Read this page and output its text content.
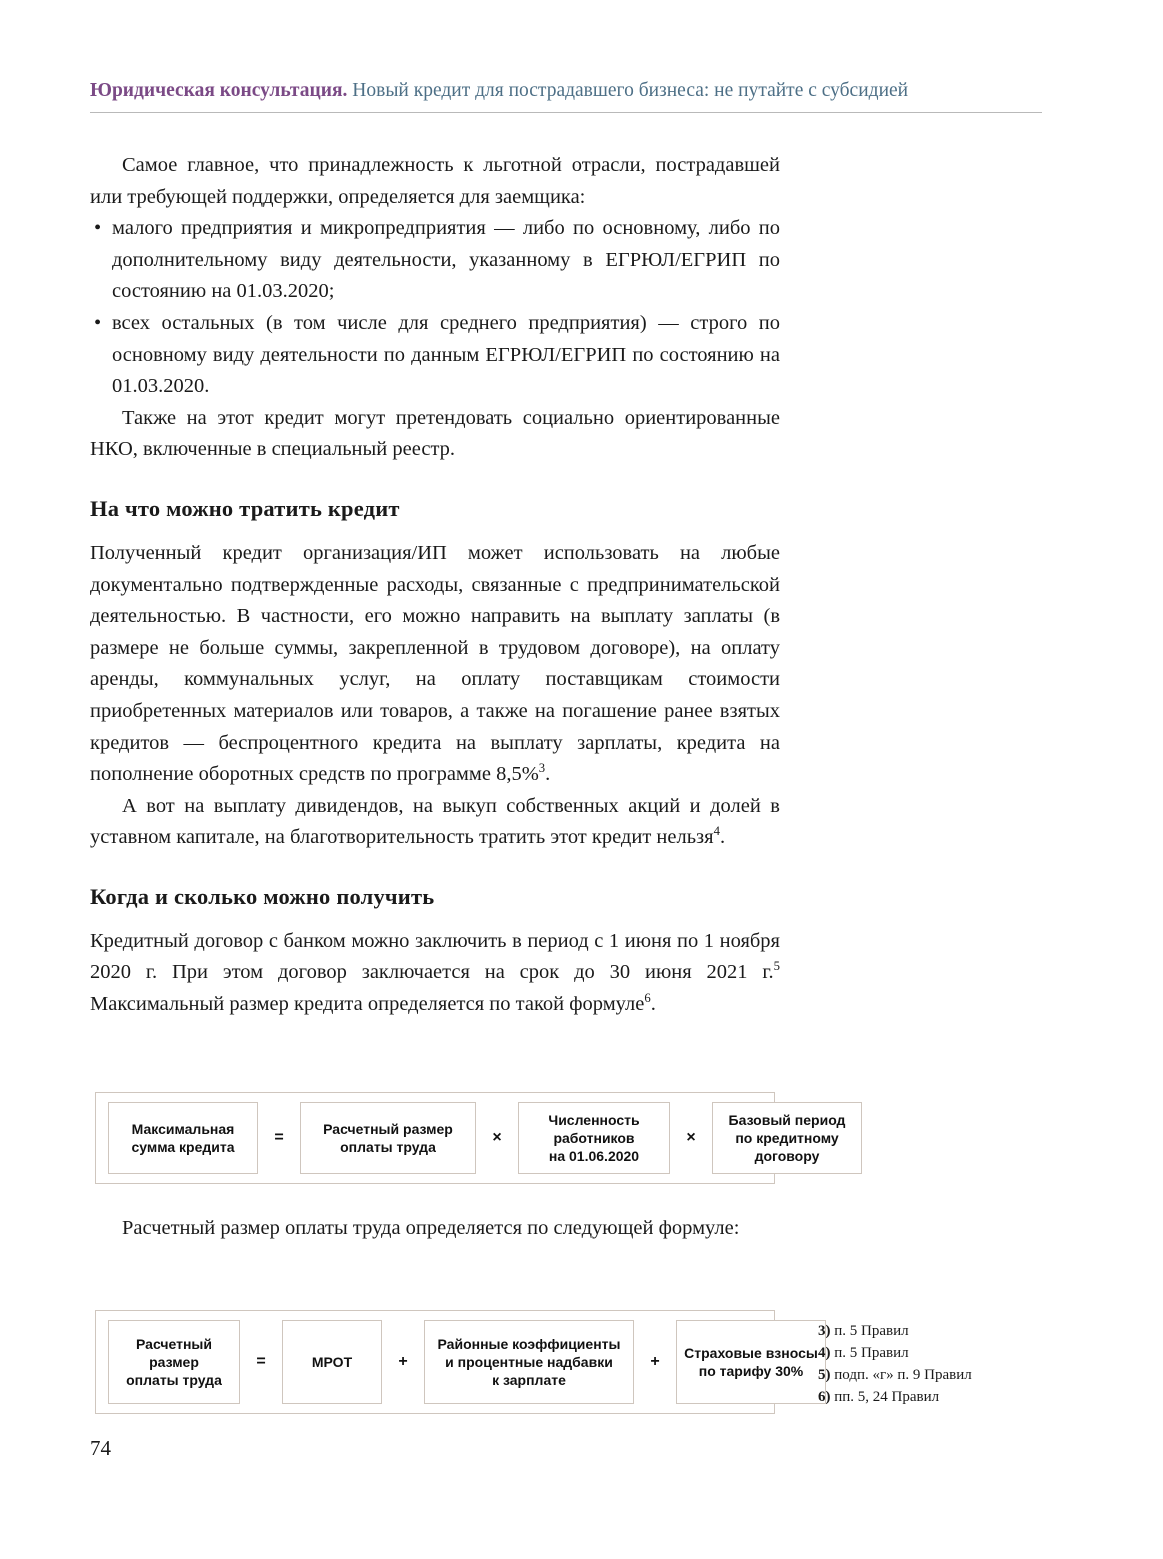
Юридическая консультация. Новый кредит для пострадавшего бизнеса: не путайте с субсидией

Самое главное, что принадлежность к льготной отрасли, пострадавшей или требующей поддержки, определяется для заемщика:

• малого предприятия и микропредприятия — либо по основному, либо по дополнительному виду деятельности, указанному в ЕГРЮЛ/ЕГРИП по состоянию на 01.03.2020;
• всех остальных (в том числе для среднего предприятия) — строго по основному виду деятельности по данным ЕГРЮЛ/ЕГРИП по состоянию на 01.03.2020.

Также на этот кредит могут претендовать социально ориентированные НКО, включенные в специальный реестр.

На что можно тратить кредит

Полученный кредит организация/ИП может использовать на любые документально подтвержденные расходы, связанные с предпринимательской деятельностью. В частности, его можно направить на выплату заплаты (в размере не больше суммы, закрепленной в трудовом договоре), на оплату аренды, коммунальных услуг, на оплату поставщикам стоимости приобретенных материалов или товаров, а также на погашение ранее взятых кредитов — беспроцентного кредита на выплату зарплаты, кредита на пополнение оборотных средств по программе 8,5%$^3$.

А вот на выплату дивидендов, на выкуп собственных акций и долей в уставном капитале, на благотворительность тратить этот кредит нельзя$^4$.

Когда и сколько можно получить

Кредитный договор с банком можно заключить в период с 1 июня по 1 ноября 2020 г. При этом договор заключается на срок до 30 июня 2021 г.$^5$ Максимальный размер кредита определяется по такой формуле$^6$.

Максимальная
сумма кредита
=	Расчетный размер
оплаты труда
×
Численность
работников
на 01.06.2020
×
Базовый период
по кредитному
договору

Расчетный размер оплаты труда определяется по следующей формуле:

Расчетный
размер
оплаты труда
=	МРОТ	+
Районные коэффициенты
и процентные надбавки
к зарплате
+	Страховые взносы
по тарифу 30%
3) п. 5 Правил
4) п. 5 Правил
5) подп. «г» п. 9 Правил
6) пп. 5, 24 Правил
74
